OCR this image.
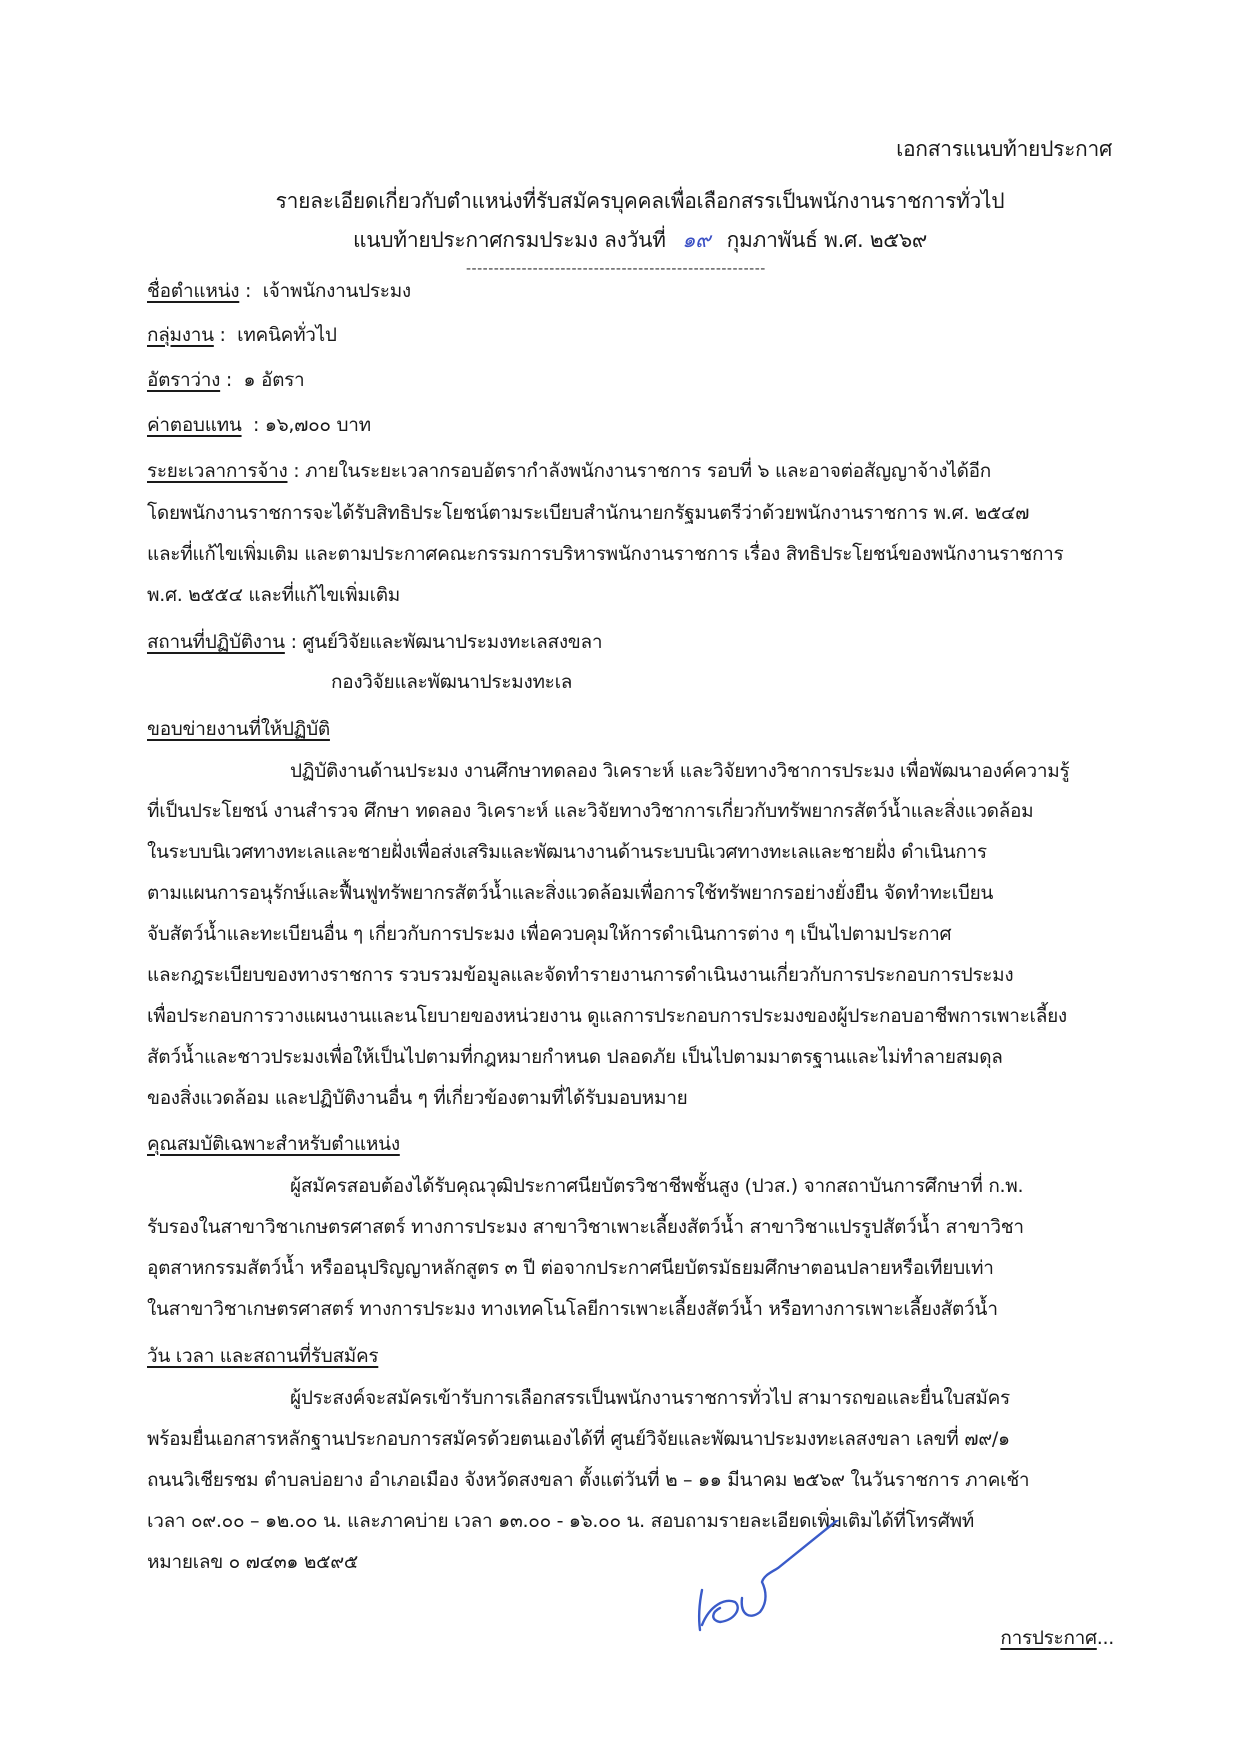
เอกสารแนบท้ายประกาศ
รายละเอียดเกี่ยวกับตำแหน่งที่รับสมัครบุคคลเพื่อเลือกสรรเป็นพนักงานราชการทั่วไป
แนบท้ายประกาศกรมประมง ลงวันที่ ๑๙ กุมภาพันธ์ พ.ศ. ๒๕๖๙
------------------------------------------------------
ชื่อตำแหน่ง :  เจ้าพนักงานประมง
กลุ่มงาน :  เทคนิคทั่วไป
อัตราว่าง :  ๑ อัตรา
ค่าตอบแทน  : ๑๖,๗๐๐ บาท
ระยะเวลาการจ้าง : ภายในระยะเวลากรอบอัตรากำลังพนักงานราชการ รอบที่ ๖ และอาจต่อสัญญาจ้างได้อีก
โดยพนักงานราชการจะได้รับสิทธิประโยชน์ตามระเบียบสำนักนายกรัฐมนตรีว่าด้วยพนักงานราชการ พ.ศ. ๒๕๔๗
และที่แก้ไขเพิ่มเติม และตามประกาศคณะกรรมการบริหารพนักงานราชการ เรื่อง สิทธิประโยชน์ของพนักงานราชการ
พ.ศ. ๒๕๕๔ และที่แก้ไขเพิ่มเติม
สถานที่ปฏิบัติงาน : ศูนย์วิจัยและพัฒนาประมงทะเลสงขลา
กองวิจัยและพัฒนาประมงทะเล
ขอบข่ายงานที่ให้ปฏิบัติ
ปฏิบัติงานด้านประมง งานศึกษาทดลอง วิเคราะห์ และวิจัยทางวิชาการประมง เพื่อพัฒนาองค์ความรู้
ที่เป็นประโยชน์ งานสำรวจ ศึกษา ทดลอง วิเคราะห์ และวิจัยทางวิชาการเกี่ยวกับทรัพยากรสัตว์น้ำและสิ่งแวดล้อม
ในระบบนิเวศทางทะเลและชายฝั่งเพื่อส่งเสริมและพัฒนางานด้านระบบนิเวศทางทะเลและชายฝั่ง ดำเนินการ
ตามแผนการอนุรักษ์และฟื้นฟูทรัพยากรสัตว์น้ำและสิ่งแวดล้อมเพื่อการใช้ทรัพยากรอย่างยั่งยืน จัดทำทะเบียน
จับสัตว์น้ำและทะเบียนอื่น ๆ เกี่ยวกับการประมง เพื่อควบคุมให้การดำเนินการต่าง ๆ เป็นไปตามประกาศ
และกฎระเบียบของทางราชการ รวบรวมข้อมูลและจัดทำรายงานการดำเนินงานเกี่ยวกับการประกอบการประมง
เพื่อประกอบการวางแผนงานและนโยบายของหน่วยงาน ดูแลการประกอบการประมงของผู้ประกอบอาชีพการเพาะเลี้ยง
สัตว์น้ำและชาวประมงเพื่อให้เป็นไปตามที่กฎหมายกำหนด ปลอดภัย เป็นไปตามมาตรฐานและไม่ทำลายสมดุล
ของสิ่งแวดล้อม และปฏิบัติงานอื่น ๆ ที่เกี่ยวข้องตามที่ได้รับมอบหมาย
คุณสมบัติเฉพาะสำหรับตำแหน่ง
ผู้สมัครสอบต้องได้รับคุณวุฒิประกาศนียบัตรวิชาชีพชั้นสูง (ปวส.) จากสถาบันการศึกษาที่ ก.พ.
รับรองในสาขาวิชาเกษตรศาสตร์ ทางการประมง สาขาวิชาเพาะเลี้ยงสัตว์น้ำ สาขาวิชาแปรรูปสัตว์น้ำ สาขาวิชา
อุตสาหกรรมสัตว์น้ำ หรืออนุปริญญาหลักสูตร ๓ ปี ต่อจากประกาศนียบัตรมัธยมศึกษาตอนปลายหรือเทียบเท่า
ในสาขาวิชาเกษตรศาสตร์ ทางการประมง ทางเทคโนโลยีการเพาะเลี้ยงสัตว์น้ำ หรือทางการเพาะเลี้ยงสัตว์น้ำ
วัน เวลา และสถานที่รับสมัคร
ผู้ประสงค์จะสมัครเข้ารับการเลือกสรรเป็นพนักงานราชการทั่วไป สามารถขอและยื่นใบสมัคร
พร้อมยื่นเอกสารหลักฐานประกอบการสมัครด้วยตนเองได้ที่ ศูนย์วิจัยและพัฒนาประมงทะเลสงขลา เลขที่ ๗๙/๑
ถนนวิเชียรชม ตำบลบ่อยาง อำเภอเมือง จังหวัดสงขลา ตั้งแต่วันที่ ๒ – ๑๑ มีนาคม ๒๕๖๙ ในวันราชการ ภาคเช้า
เวลา ๐๙.๐๐ – ๑๒.๐๐ น. และภาคบ่าย เวลา ๑๓.๐๐ - ๑๖.๐๐ น. สอบถามรายละเอียดเพิ่มเติมได้ที่โทรศัพท์
หมายเลข ๐ ๗๔๓๑ ๒๕๙๕
การประกาศ...
